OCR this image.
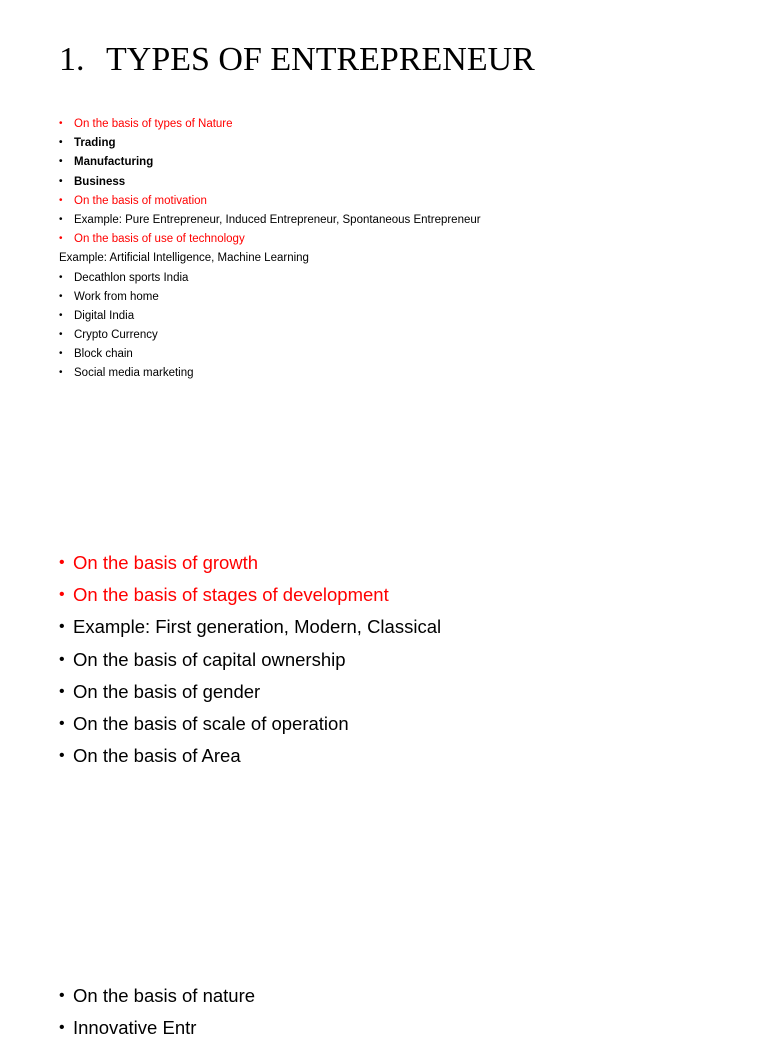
1. TYPES OF ENTREPRENEUR
• On the basis of types of Nature
• Trading
• Manufacturing
• Business
• On the basis of motivation
• Example: Pure Entrepreneur, Induced Entrepreneur, Spontaneous Entrepreneur
• On the basis of use of technology
Example: Artificial Intelligence, Machine Learning
• Decathlon sports India
• Work from home
• Digital India
• Crypto Currency
• Block chain
• Social media marketing
• On the basis of growth
• On the basis of stages of development
• Example: First generation, Modern, Classical
• On the basis of capital ownership
• On the basis of gender
• On the basis of scale of operation
• On the basis of Area
• On the basis of nature
• Innovative Entr
